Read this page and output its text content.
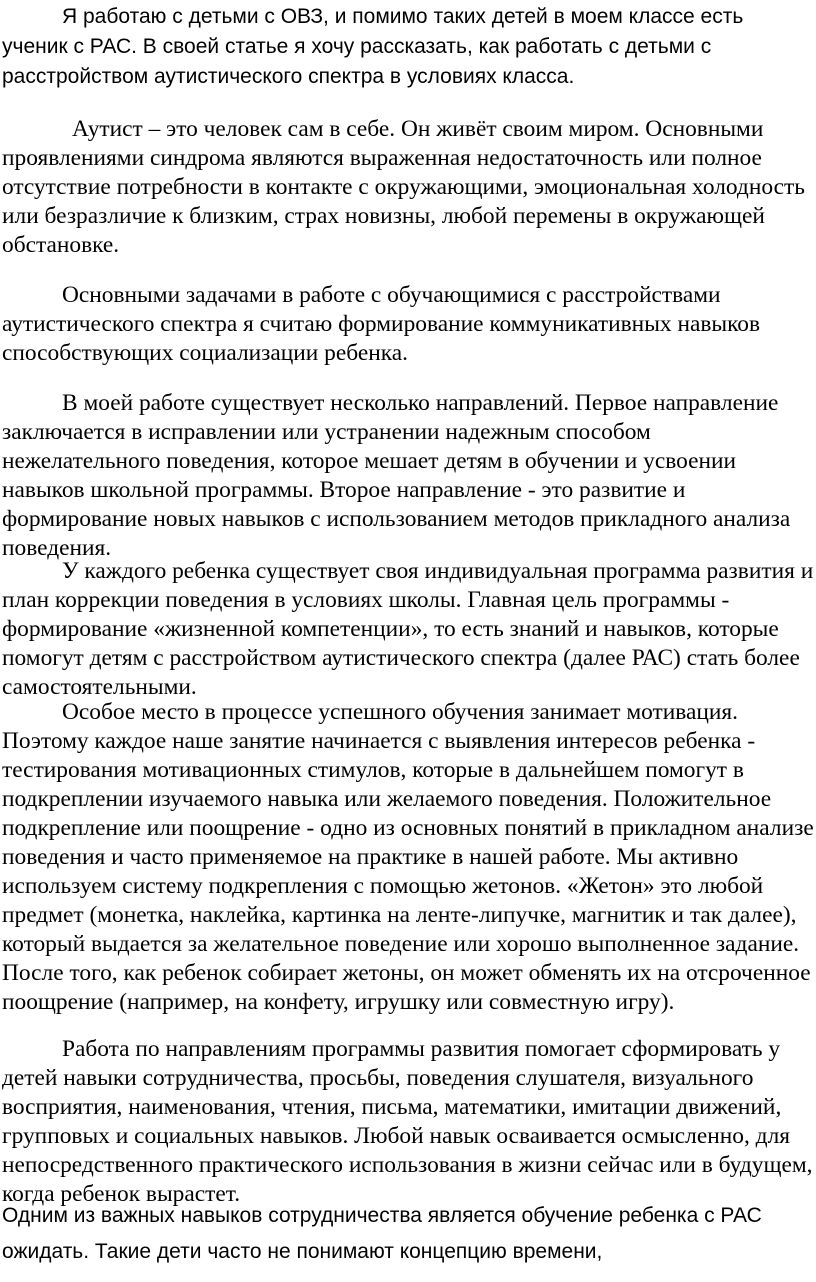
Я работаю с детьми с ОВЗ, и помимо таких детей в моем классе есть ученик с РАС. В своей статье я хочу рассказать, как работать с детьми с расстройством аутистического спектра в условиях класса.

Аутист – это человек сам в себе. Он живёт своим миром. Основными проявлениями синдрома являются выраженная недостаточность или полное отсутствие потребности в контакте с окружающими, эмоциональная холодность или безразличие к близким, страх новизны, любой перемены в окружающей обстановке.

Основными задачами в работе с обучающимися с расстройствами аутистического спектра я считаю формирование коммуникативных навыков способствующих социализации ребенка.

В моей работе существует несколько направлений. Первое направление заключается в исправлении или устранении надежным способом нежелательного поведения, которое мешает детям в обучении и усвоении навыков школьной программы. Второе направление - это развитие и формирование новых навыков с использованием методов прикладного анализа поведения.

У каждого ребенка существует своя индивидуальная программа развития и план коррекции поведения в условиях школы. Главная цель программы - формирование «жизненной компетенции», то есть знаний и навыков, которые помогут детям с расстройством аутистического спектра (далее РАС) стать более самостоятельными.

Особое место в процессе успешного обучения занимает мотивация. Поэтому каждое наше занятие начинается с выявления интересов ребенка - тестирования мотивационных стимулов, которые в дальнейшем помогут в подкреплении изучаемого навыка или желаемого поведения. Положительное подкрепление или поощрение - одно из основных понятий в прикладном анализе поведения и часто применяемое на практике в нашей работе. Мы активно используем систему подкрепления с помощью жетонов. «Жетон» это любой предмет (монетка, наклейка, картинка на ленте-липучке, магнитик и так далее), который выдается за желательное поведение или хорошо выполненное задание. После того, как ребенок собирает жетоны, он может обменять их на отсроченное поощрение (например, на конфету, игрушку или совместную игру).

Работа по направлениям программы развития помогает сформировать у детей навыки сотрудничества, просьбы, поведения слушателя, визуального восприятия, наименования, чтения, письма, математики, имитации движений, групповых и социальных навыков. Любой навык осваивается осмысленно, для непосредственного практического использования в жизни сейчас или в будущем, когда ребенок вырастет.

Одним из важных навыков сотрудничества является обучение ребенка с РАС ожидать. Такие дети часто не понимают концепцию времени,
